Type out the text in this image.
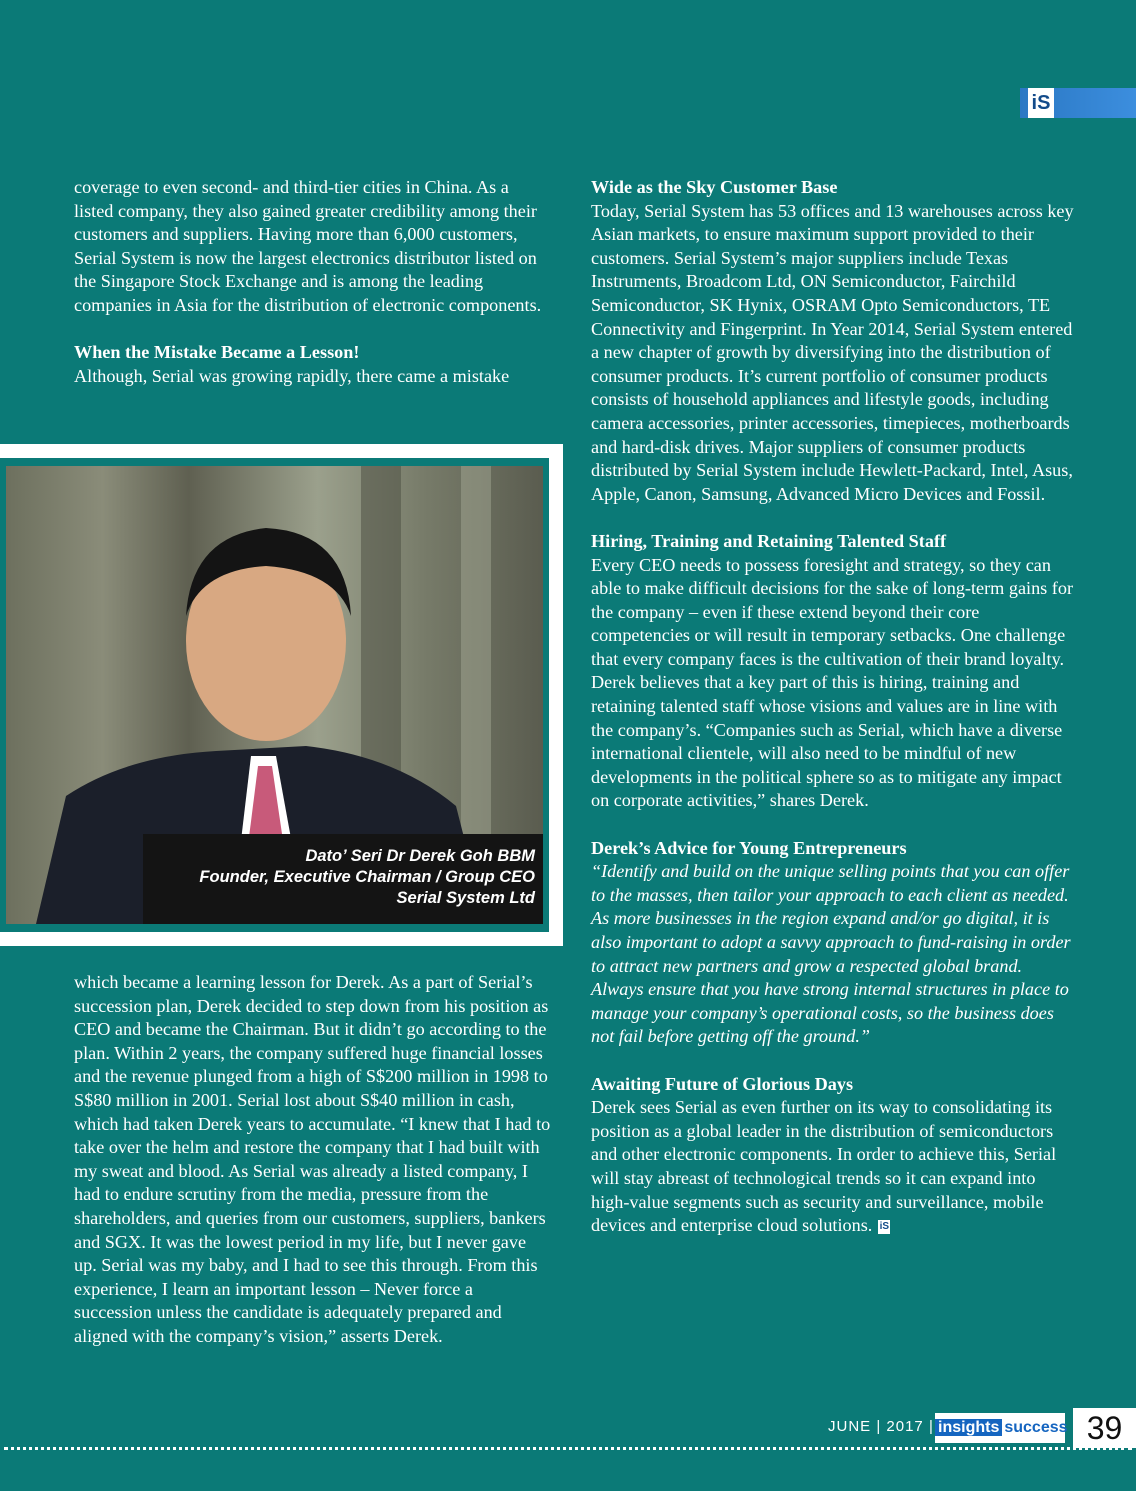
iS

coverage to even second- and third-tier cities in China. As a listed company, they also gained greater credibility among their customers and suppliers. Having more than 6,000 customers, Serial System is now the largest electronics distributor listed on the Singapore Stock Exchange and is among the leading companies in Asia for the distribution of electronic components.

When the Mistake Became a Lesson!

Although, Serial was growing rapidly, there came a mistake

Dato’ Seri Dr Derek Goh BBM
Founder, Executive Chairman / Group CEO
Serial System Ltd

which became a learning lesson for Derek. As a part of Serial’s succession plan, Derek decided to step down from his position as CEO and became the Chairman. But it didn’t go according to the plan. Within 2 years, the company suffered huge financial losses and the revenue plunged from a high of S$200 million in 1998 to S$80 million in 2001. Serial lost about S$40 million in cash, which had taken Derek years to accumulate. “I knew that I had to take over the helm and restore the company that I had built with my sweat and blood. As Serial was already a listed company, I had to endure scrutiny from the media, pressure from the shareholders, and queries from our customers, suppliers, bankers and SGX. It was the lowest period in my life, but I never gave up. Serial was my baby, and I had to see this through. From this experience, I learn an important lesson – Never force a succession unless the candidate is adequately prepared and aligned with the company’s vision,” asserts Derek.

Wide as the Sky Customer Base

Today, Serial System has 53 offices and 13 warehouses across key Asian markets, to ensure maximum support provided to their customers. Serial System’s major suppliers include Texas Instruments, Broadcom Ltd, ON Semiconductor, Fairchild Semiconductor, SK Hynix, OSRAM Opto Semiconductors, TE Connectivity and Fingerprint. In Year 2014, Serial System entered a new chapter of growth by diversifying into the distribution of consumer products. It’s current portfolio of consumer products consists of household appliances and lifestyle goods, including camera accessories, printer accessories, timepieces, motherboards and hard-disk drives. Major suppliers of consumer products distributed by Serial System include Hewlett-Packard, Intel, Asus, Apple, Canon, Samsung, Advanced Micro Devices and Fossil.

Hiring, Training and Retaining Talented Staff

Every CEO needs to possess foresight and strategy, so they can able to make difficult decisions for the sake of long-term gains for the company – even if these extend beyond their core competencies or will result in temporary setbacks. One challenge that every company faces is the cultivation of their brand loyalty. Derek believes that a key part of this is hiring, training and retaining talented staff whose visions and values are in line with the company’s. “Companies such as Serial, which have a diverse international clientele, will also need to be mindful of new developments in the political sphere so as to mitigate any impact on corporate activities,” shares Derek.

Derek’s Advice for Young Entrepreneurs

“Identify and build on the unique selling points that you can offer to the masses, then tailor your approach to each client as needed. As more businesses in the region expand and/or go digital, it is also important to adopt a savvy approach to fund-raising in order to attract new partners and grow a respected global brand. Always ensure that you have strong internal structures in place to manage your company’s operational costs, so the business does not fail before getting off the ground.”

Awaiting Future of Glorious Days

Derek sees Serial as even further on its way to consolidating its position as a global leader in the distribution of semiconductors and other electronic components. In order to achieve this, Serial will stay abreast of technological trends so it can expand into high-value segments such as security and surveillance, mobile devices and enterprise cloud solutions. iS

JUNE | 2017 | insights success 39
